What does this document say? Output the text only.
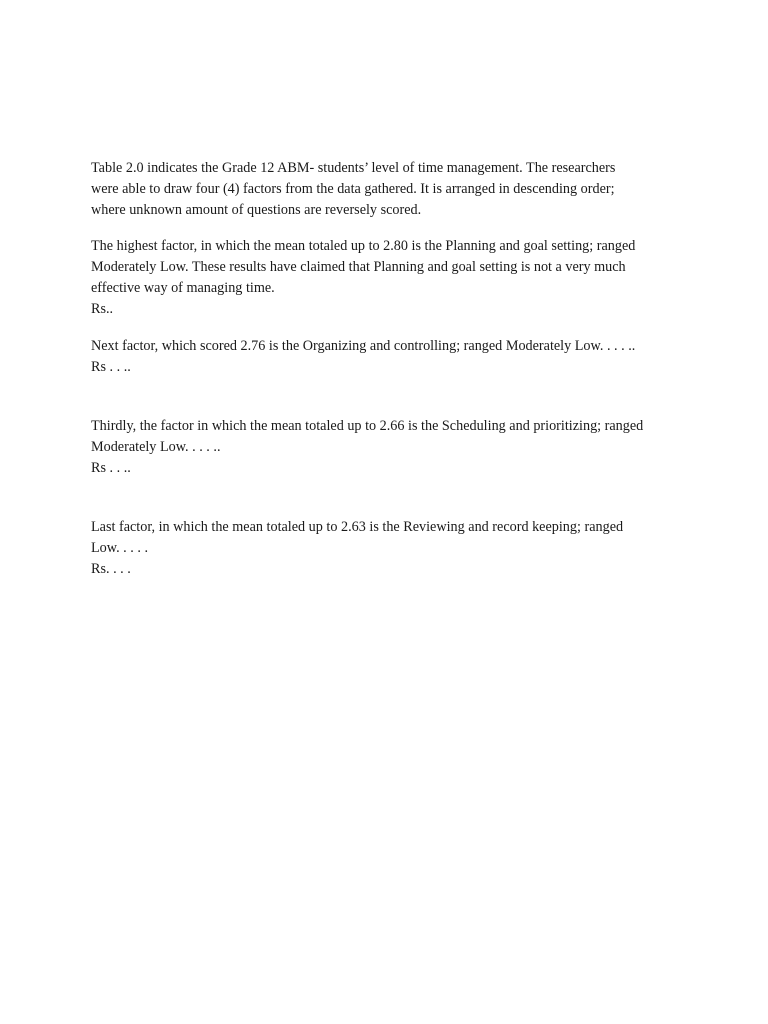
Table 2.0 indicates the Grade 12 ABM- students’ level of time management. The researchers
were able to draw four (4) factors from the data gathered. It is arranged in descending order;
where unknown amount of questions are reversely scored.

The highest factor, in which the mean totaled up to 2.80 is the Planning and goal setting; ranged
Moderately Low. These results have claimed that Planning and goal setting is not a very much
effective way of managing time.
Rs..

Next factor, which scored 2.76 is the Organizing and controlling; ranged Moderately Low. . . . ..
Rs . . ..

Thirdly, the factor in which the mean totaled up to 2.66 is the Scheduling and prioritizing; ranged
Moderately Low. . . . ..
Rs . . ..

Last factor, in which the mean totaled up to 2.63 is the Reviewing and record keeping; ranged
Low. . . . .
Rs. . . .
